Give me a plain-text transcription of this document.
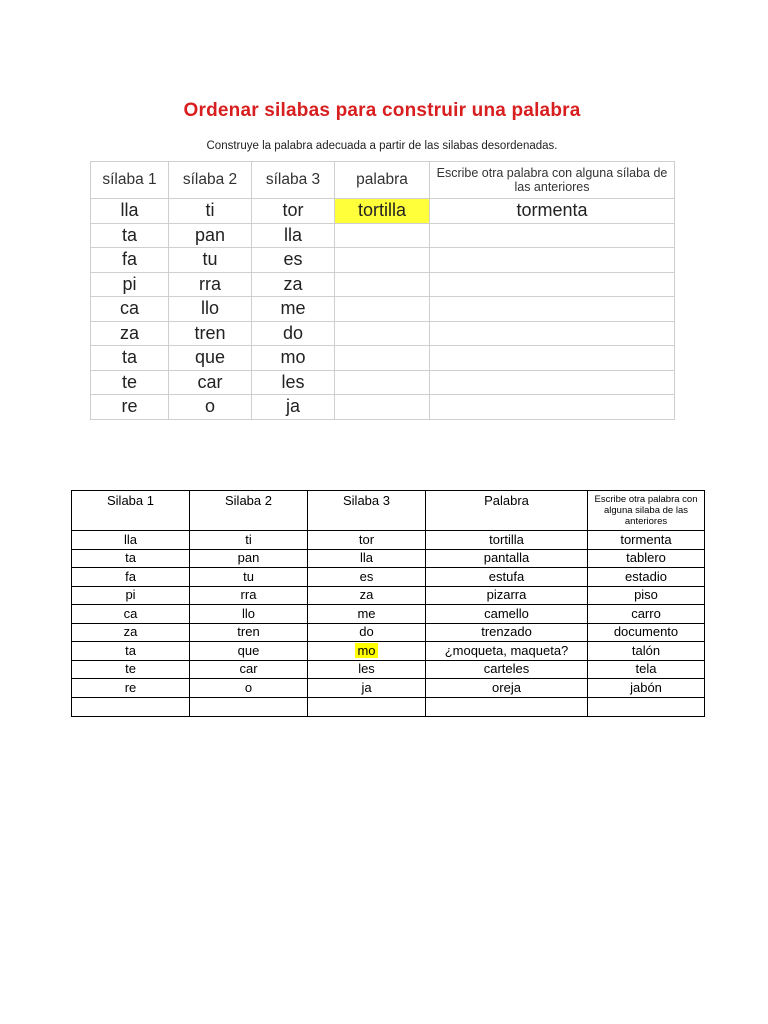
Ordenar silabas para construir una palabra
Construye la palabra adecuada a partir de las silabas desordenadas.
sílaba 1	sílaba 2	sílaba 3	palabra	Escribe otra palabra con alguna sílaba de las anteriores
lla	ti	tor	tortilla	tormenta
ta	pan	lla		
fa	tu	es		
pi	rra	za		
ca	llo	me		
za	tren	do		
ta	que	mo		
te	car	les		
re	o	ja		
Silaba 1	Silaba 2	Silaba 3	Palabra	Escribe otra palabra con alguna silaba de las anteriores
lla	ti	tor	tortilla	tormenta
ta	pan	lla	pantalla	tablero
fa	tu	es	estufa	estadio
pi	rra	za	pizarra	piso
ca	llo	me	camello	carro
za	tren	do	trenzado	documento
ta	que	mo	¿moqueta, maqueta?	talón
te	car	les	carteles	tela
re	o	ja	oreja	jabón
